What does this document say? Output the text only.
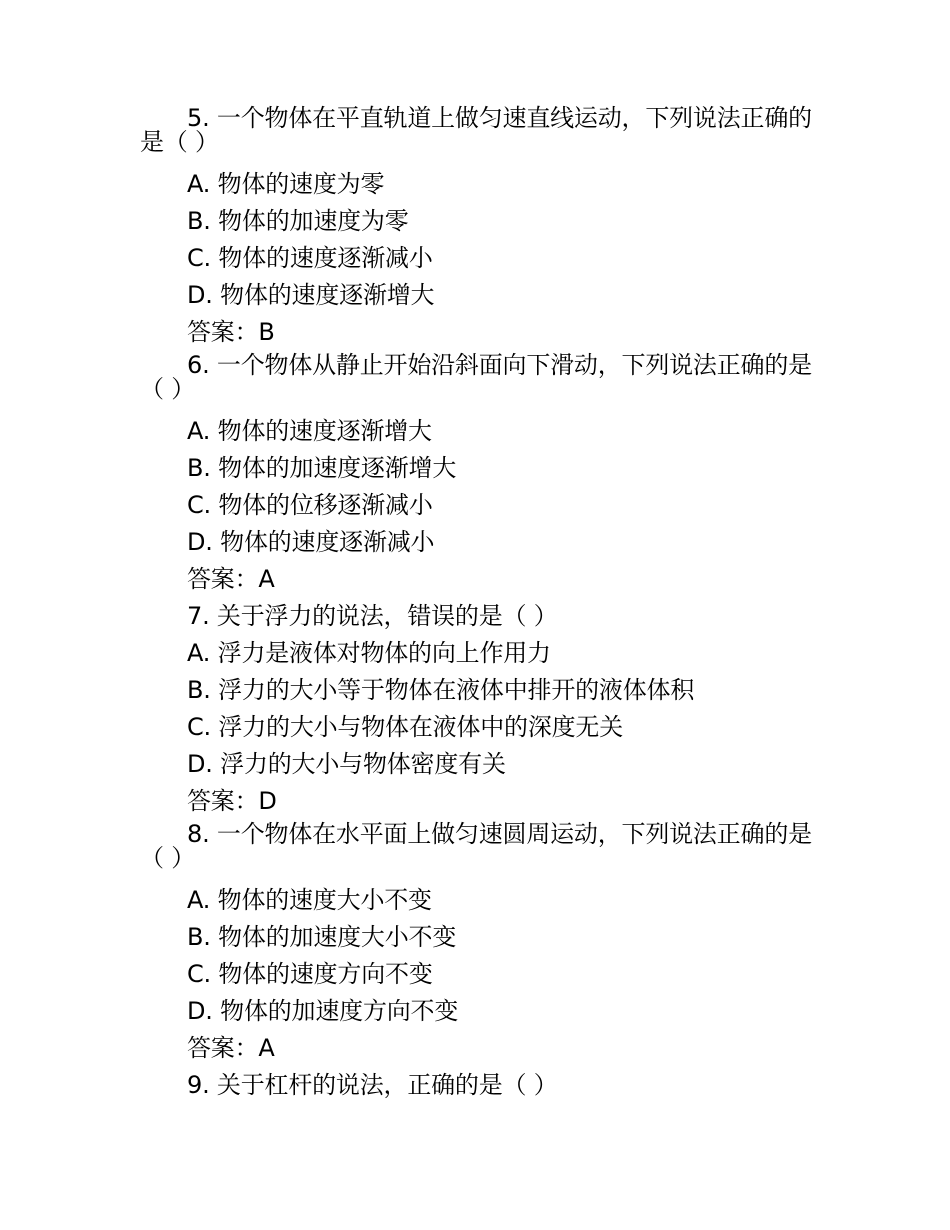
5. 一个物体在平直轨道上做匀速直线运动，下列说法正确的是（ ）

A. 物体的速度为零
B. 物体的加速度为零
C. 物体的速度逐渐减小
D. 物体的速度逐渐增大
答案：B

6. 一个物体从静止开始沿斜面向下滑动，下列说法正确的是（ ）

A. 物体的速度逐渐增大
B. 物体的加速度逐渐增大
C. 物体的位移逐渐减小
D. 物体的速度逐渐减小
答案：A
7. 关于浮力的说法，错误的是（ ）
A. 浮力是液体对物体的向上作用力
B. 浮力的大小等于物体在液体中排开的液体体积
C. 浮力的大小与物体在液体中的深度无关
D. 浮力的大小与物体密度有关
答案：D

8. 一个物体在水平面上做匀速圆周运动，下列说法正确的是（ ）

A. 物体的速度大小不变
B. 物体的加速度大小不变
C. 物体的速度方向不变
D. 物体的加速度方向不变
答案：A
9. 关于杠杆的说法，正确的是（ ）
